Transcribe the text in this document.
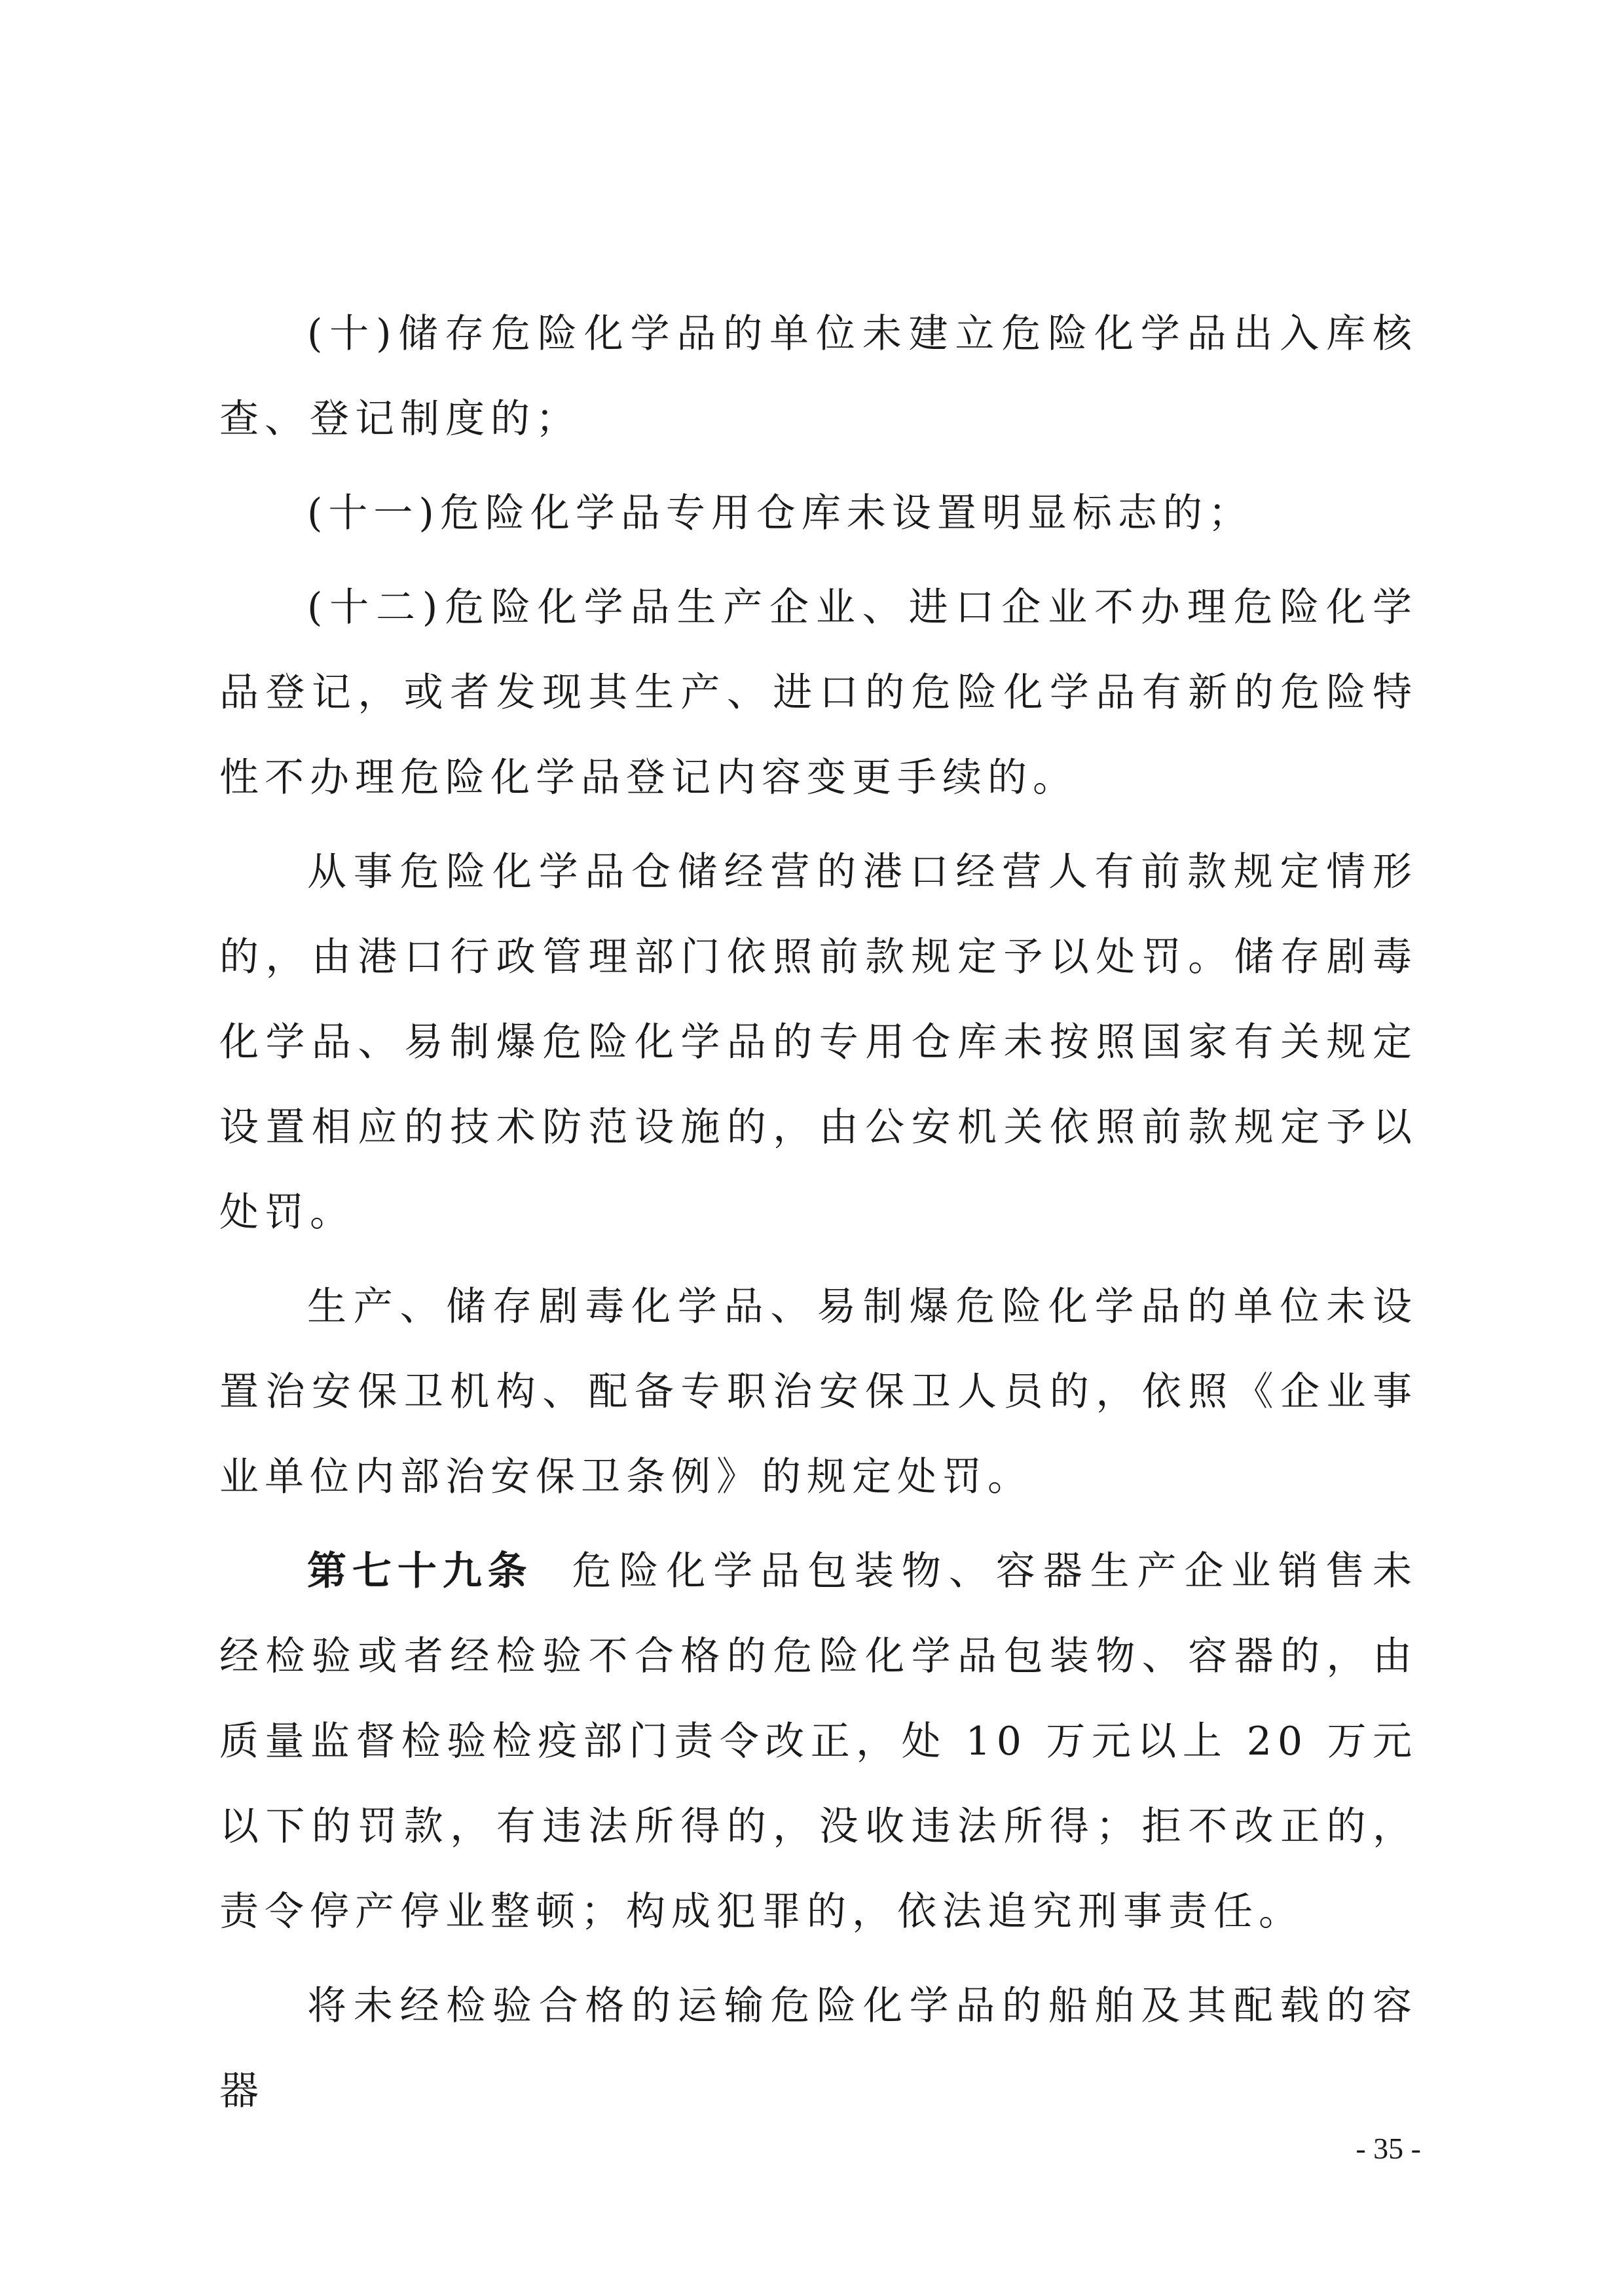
(十)储存危险化学品的单位未建立危险化学品出入库核查、登记制度的；

(十一)危险化学品专用仓库未设置明显标志的；

(十二)危险化学品生产企业、进口企业不办理危险化学品登记，或者发现其生产、进口的危险化学品有新的危险特性不办理危险化学品登记内容变更手续的。

从事危险化学品仓储经营的港口经营人有前款规定情形的，由港口行政管理部门依照前款规定予以处罚。储存剧毒化学品、易制爆危险化学品的专用仓库未按照国家有关规定设置相应的技术防范设施的，由公安机关依照前款规定予以处罚。

生产、储存剧毒化学品、易制爆危险化学品的单位未设置治安保卫机构、配备专职治安保卫人员的，依照《企业事业单位内部治安保卫条例》的规定处罚。

第七十九条 危险化学品包装物、容器生产企业销售未经检验或者经检验不合格的危险化学品包装物、容器的，由质量监督检验检疫部门责令改正，处 10 万元以上 20 万元以下的罚款，有违法所得的，没收违法所得；拒不改正的，责令停产停业整顿；构成犯罪的，依法追究刑事责任。

将未经检验合格的运输危险化学品的船舶及其配载的容器

- 35 -
